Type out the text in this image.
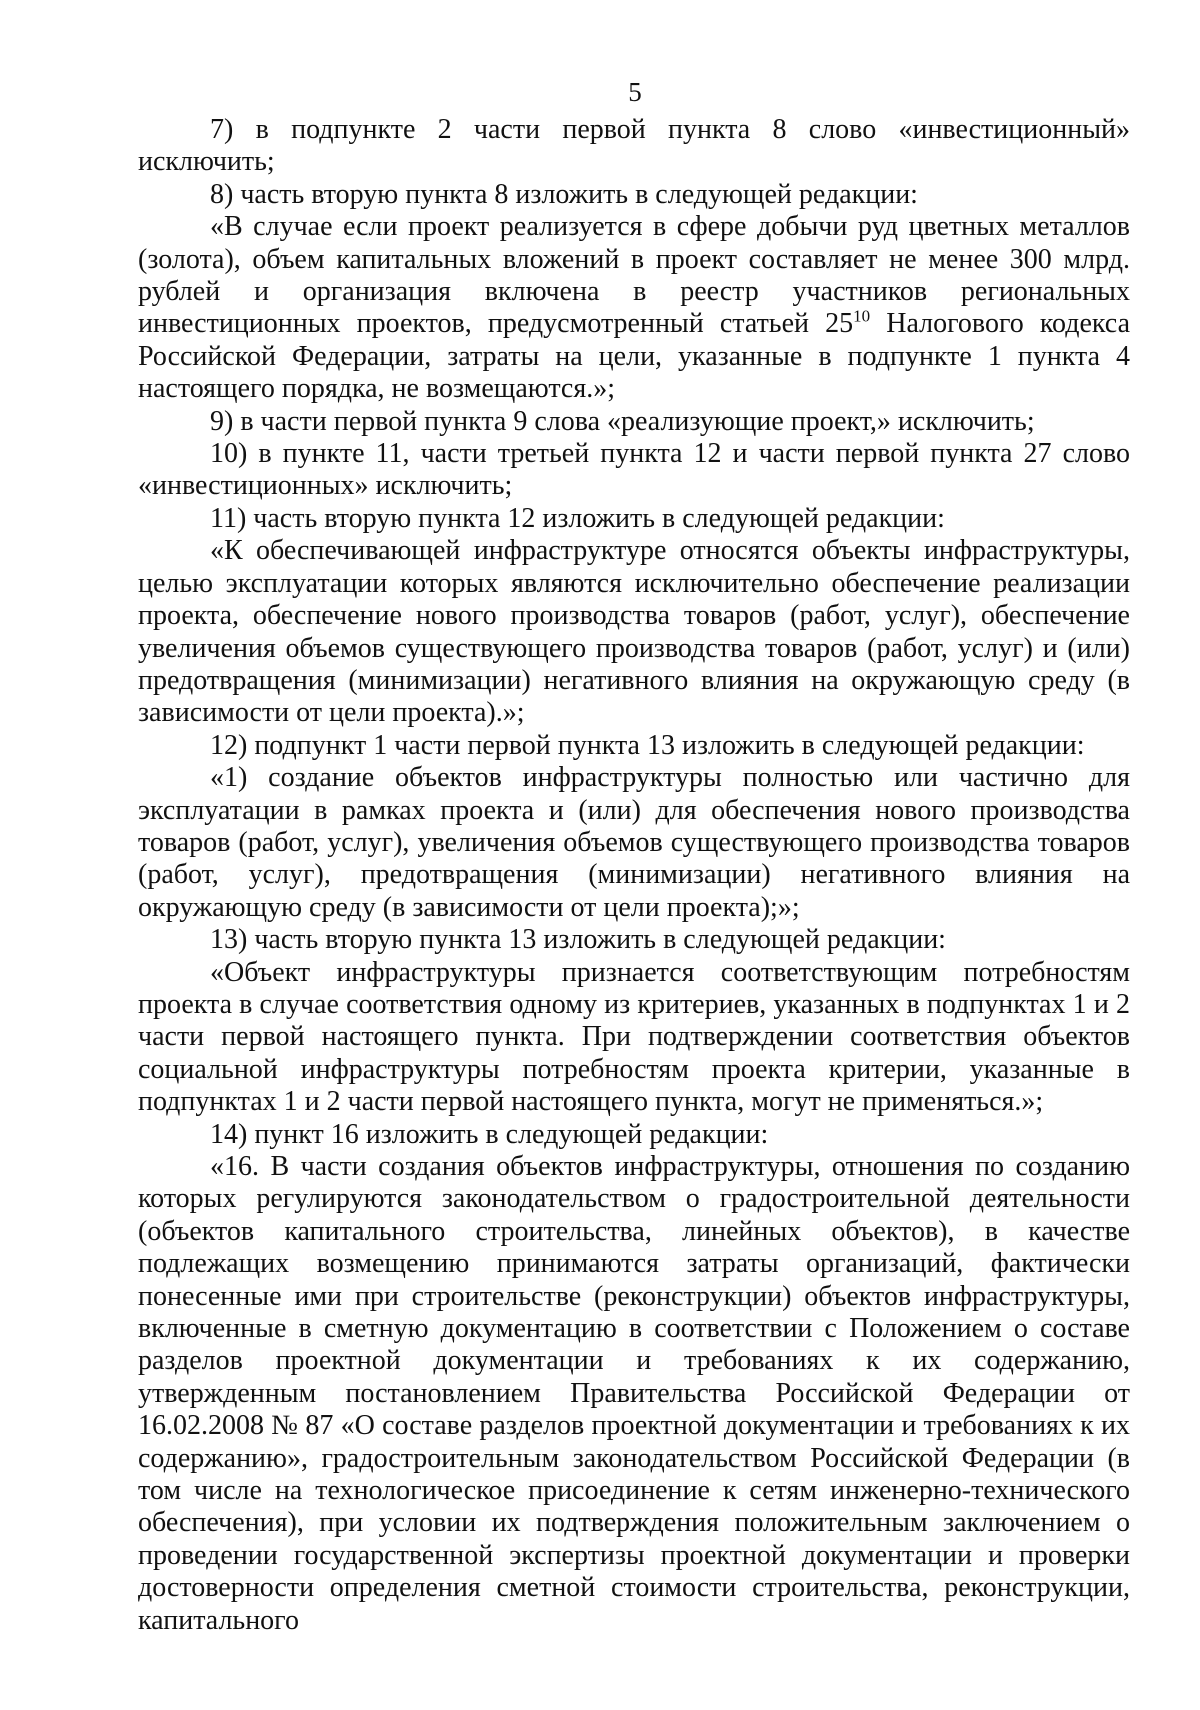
5

7) в подпункте 2 части первой пункта 8 слово «инвестиционный» исключить;

8) часть вторую пункта 8 изложить в следующей редакции:

«В случае если проект реализуется в сфере добычи руд цветных металлов (золота), объем капитальных вложений в проект составляет не менее 300 млрд. рублей и организация включена в реестр участников региональных инвестиционных проектов, предусмотренный статьей $25^{10}$ Налогового кодекса Российской Федерации, затраты на цели, указанные в подпункте 1 пункта 4 настоящего порядка, не возмещаются.»;

9) в части первой пункта 9 слова «реализующие проект,» исключить;

10) в пункте 11, части третьей пункта 12 и части первой пункта 27 слово «инвестиционных» исключить;

11) часть вторую пункта 12 изложить в следующей редакции:

«К обеспечивающей инфраструктуре относятся объекты инфраструктуры, целью эксплуатации которых являются исключительно обеспечение реализации проекта, обеспечение нового производства товаров (работ, услуг), обеспечение увеличения объемов существующего производства товаров (работ, услуг) и (или) предотвращения (минимизации) негативного влияния на окружающую среду (в зависимости от цели проекта).»;

12) подпункт 1 части первой пункта 13 изложить в следующей редакции:

«1) создание объектов инфраструктуры полностью или частично для эксплуатации в рамках проекта и (или) для обеспечения нового производства товаров (работ, услуг), увеличения объемов существующего производства товаров (работ, услуг), предотвращения (минимизации) негативного влияния на окружающую среду (в зависимости от цели проекта);»;

13) часть вторую пункта 13 изложить в следующей редакции:

«Объект инфраструктуры признается соответствующим потребностям проекта в случае соответствия одному из критериев, указанных в подпунктах 1 и 2 части первой настоящего пункта. При подтверждении соответствия объектов социальной инфраструктуры потребностям проекта критерии, указанные в подпунктах 1 и 2 части первой настоящего пункта, могут не применяться.»;

14) пункт 16 изложить в следующей редакции:

«16. В части создания объектов инфраструктуры, отношения по созданию которых регулируются законодательством о градостроительной деятельности (объектов капитального строительства, линейных объектов), в качестве подлежащих возмещению принимаются затраты организаций, фактически понесенные ими при строительстве (реконструкции) объектов инфраструктуры, включенные в сметную документацию в соответствии с Положением о составе разделов проектной документации и требованиях к их содержанию, утвержденным постановлением Правительства Российской Федерации от 16.02.2008 № 87 «О составе разделов проектной документации и требованиях к их содержанию», градостроительным законодательством Российской Федерации (в том числе на технологическое присоединение к сетям инженерно-технического обеспечения), при условии их подтверждения положительным заключением о проведении государственной экспертизы проектной документации и проверки достоверности определения сметной стоимости строительства, реконструкции, капитального
